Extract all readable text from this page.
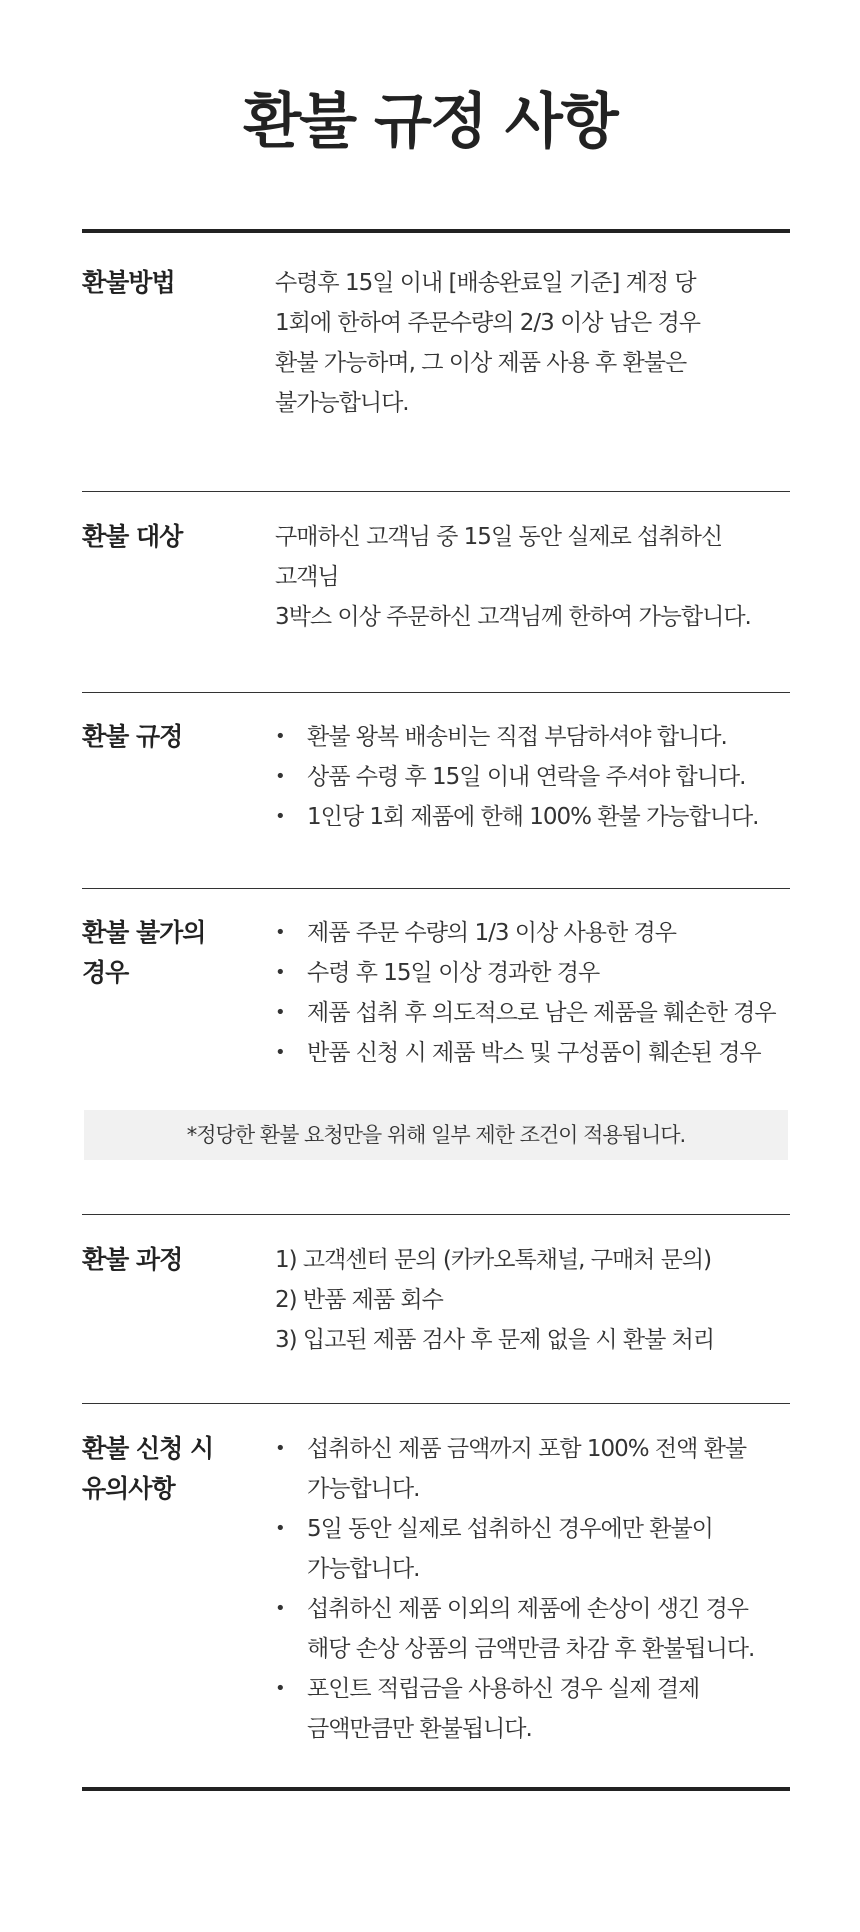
환불 규정 사항
환불방법	수령후 15일 이내 [배송완료일 기준] 계정 당

1회에 한하여 주문수량의 2/3 이상 남은 경우

환불 가능하며, 그 이상 제품 사용 후 환불은

불가능합니다.

환불 대상	구매하신 고객님 중 15일 동안 실제로 섭취하신

고객님

3박스 이상 주문하신 고객님께 한하여 가능합니다.

환불 규정
•	환불 왕복 배송비는 직접 부담하셔야 합니다.
• 상품 수령 후 15일 이내 연락을 주셔야 합니다.
• 1인당 1회 제품에 한해 100% 환불 가능합니다.
환불 불가의
경우
• 제품 주문 수량의 1/3 이상 사용한 경우
• 수령 후 15일 이상 경과한 경우
• 제품 섭취 후 의도적으로 남은 제품을 훼손한 경우
• 반품 신청 시 제품 박스 및 구성품이 훼손된 경우
*정당한 환불 요청만을 위해 일부 제한 조건이 적용됩니다.
환불 과정	1) 고객센터 문의 (카카오톡채널, 구매처 문의)

2) 반품 제품 회수

3) 입고된 제품 검사 후 문제 없을 시 환불 처리

환불 신청 시
유의사항
• 섭취하신 제품 금액까지 포함 100% 전액 환불
가능합니다.
• 5일 동안 실제로 섭취하신 경우에만 환불이
가능합니다.
• 섭취하신 제품 이외의 제품에 손상이 생긴 경우
해당 손상 상품의 금액만큼 차감 후 환불됩니다.
• 포인트 적립금을 사용하신 경우 실제 결제
금액만큼만 환불됩니다.
